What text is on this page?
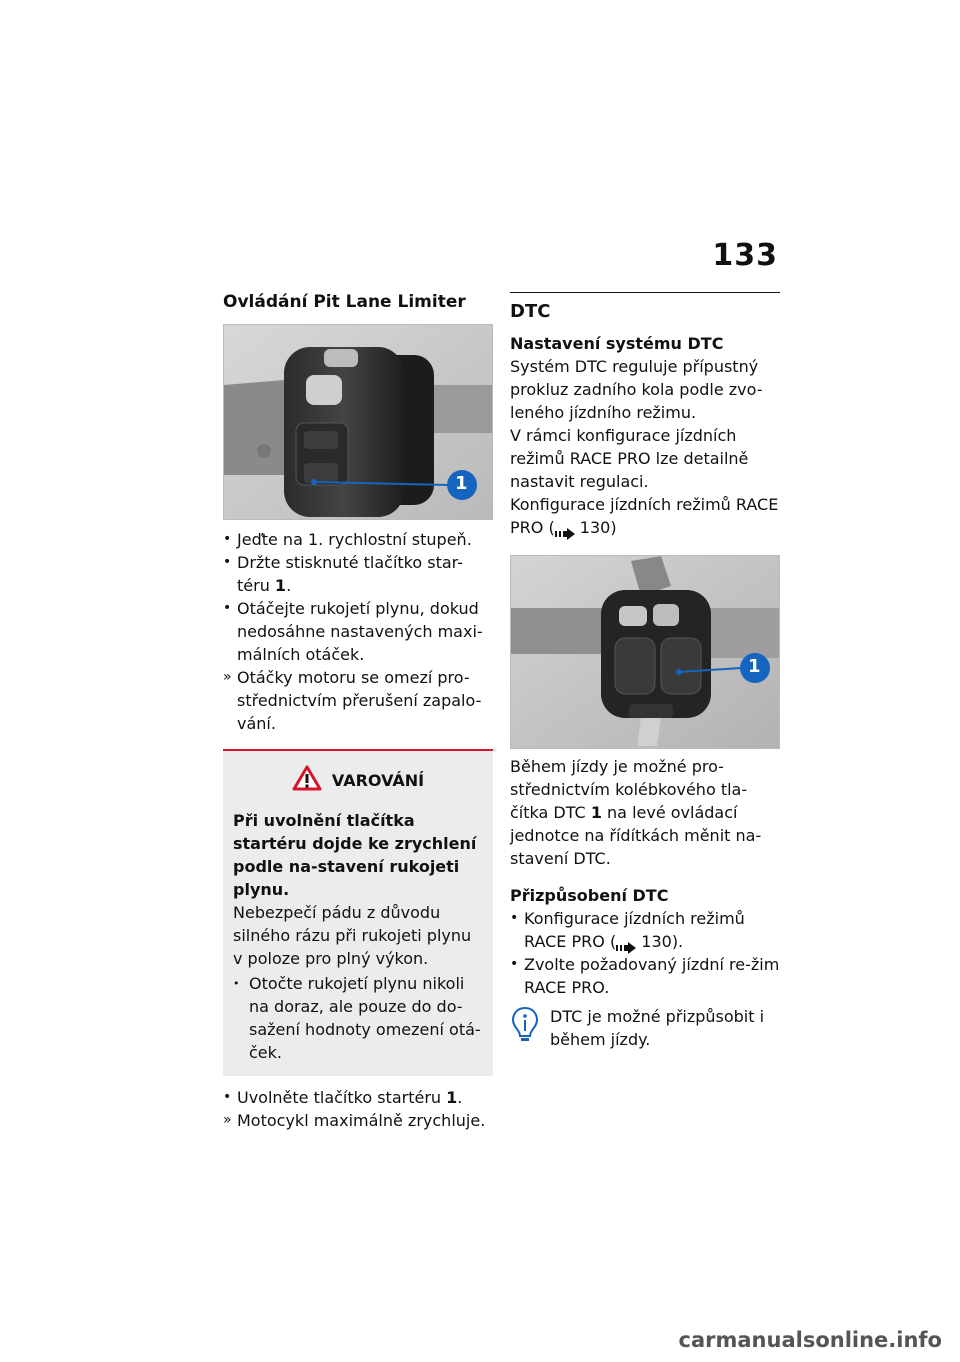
133
Ovládání Pit Lane Limiter
1
• Jeďte na 1. rychlostní stupeň.
• Držte stisknuté tlačítko star-téru 1.
• Otáčejte rukojetí plynu, dokud nedosáhne nastavených maxi-málních otáček.
» Otáčky motoru se omezí pro-střednictvím přerušení zapalo-vání.
VAROVÁNÍ

Při uvolnění tlačítka startéru dojde ke zrychlení podle na-stavení rukojeti plynu.

Nebezpečí pádu z důvodu silného rázu při rukojeti plynu v poloze pro plný výkon.

• Otočte rukojetí plynu nikoli na doraz, ale pouze do do-sažení hodnoty omezení otá-ček.
• Uvolněte tlačítko startéru 1.
» Motocykl maximálně zrychluje.
DTC

Nastavení systému DTC

Systém DTC reguluje přípustný prokluz zadního kola podle zvo-leného jízdního režimu.

V rámci konfigurace jízdních režimů RACE PRO lze detailně nastavit regulaci.

Konfigurace jízdních režimů RACE PRO ( 130)

1

Během jízdy je možné pro-střednictvím kolébkového tla-čítka DTC 1 na levé ovládací jednotce na řídítkách měnit na-stavení DTC.

Přizpůsobení DTC

• Konfigurace jízdních režimů RACE PRO ( 130).
• Zvolte požadovaný jízdní re-žim RACE PRO.

DTC je možné přizpůsobit i během jízdy.

carmanualsonline.info
